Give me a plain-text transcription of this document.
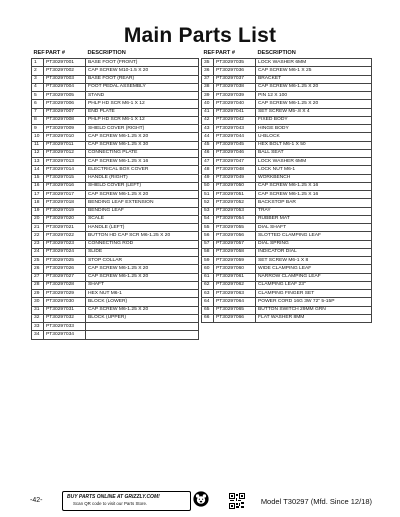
Main Parts List
REF	PART #	DESCRIPTION
1	PT30297001	BASE FOOT (FRONT)
2	PT30297002	CAP SCREW M10-1.5 X 20
3	PT30297003	BASE FOOT (REAR)
4	PT30297004	FOOT PEDAL ASSEMBLY
5	PT30297005	STAND
6	PT30297006	PHLP HD SCR M6-1 X 12
7	PT30297007	END PLATE
8	PT30297008	PHLP HD SCR M6-1 X 12
9	PT30297009	SHIELD COVER (RIGHT)
10	PT30297010	CAP SCREW M6-1.25 X 20
11	PT30297011	CAP SCREW M6-1.25 X 30
12	PT30297012	CONNECTING PLATE
13	PT30297013	CAP SCREW M6-1.25 X 16
14	PT30297014	ELECTRICAL BOX COVER
15	PT30297015	HANDLE (RIGHT)
16	PT30297016	SHIELD COVER (LEFT)
17	PT30297017	CAP SCREW M6-1.25 X 20
18	PT30297018	BENDING LEAF EXTENSION
19	PT30297019	BENDING LEAF
20	PT30297020	SCALE
21	PT30297021	HANDLE (LEFT)
22	PT30297022	BUTTON HD CAP SCR M6-1.25 X 20
23	PT30297023	CONNECTING ROD
24	PT30297024	SLIDE
25	PT30297025	STOP COLLAR
26	PT30297026	CAP SCREW M6-1.25 X 20
27	PT30297027	CAP SCREW M6-1.25 X 20
28	PT30297028	SHAFT
29	PT30297029	HEX NUT M6-1
30	PT30297030	BLOCK (LOWER)
31	PT30297031	CAP SCREW M6-1.25 X 20
32	PT30297032	BLOCK (UPPER)
33	PT30297033	
34	PT30297034	
REF	PART #	DESCRIPTION
35	PT30297035	LOCK WASHER 6MM
36	PT30297036	CAP SCREW M6-1 X 25
37	PT30297037	BRACKET
38	PT30297038	CAP SCREW M6-1.25 X 20
39	PT30297039	PIN 12 X 100
40	PT30297040	CAP SCREW M6-1.25 X 20
41	PT30297041	SET SCREW M5-.8 X 4
42	PT30297042	FIXED BODY
43	PT30297043	HINGE BODY
44	PT30297044	U-BLOCK
45	PT30297045	HEX BOLT M6-1 X 50
46	PT30297046	BALL SEAT
47	PT30297047	LOCK WASHER 6MM
48	PT30297048	LOCK NUT M6-1
49	PT30297049	WORKBENCH
50	PT30297050	CAP SCREW M6-1.25 X 16
51	PT30297051	CAP SCREW M6-1.25 X 16
52	PT30297052	BACKSTOP BAR
53	PT30297053	TRAY
54	PT30297054	RUBBER MAT
55	PT30297055	DIAL SHAFT
56	PT30297056	SLOTTED CLAMPING LEAF
57	PT30297057	DIAL SPRING
58	PT30297058	INDICATOR DIAL
59	PT30297059	SET SCREW M6-1 X 8
60	PT30297060	WIDE CLAMPING LEAF
61	PT30297061	NARROW CLAMPING LEAF
62	PT30297062	CLAMPING LEAF 23"
63	PT30297063	CLAMPING FINGER SET
64	PT30297064	POWER CORD 16G 3W 72" 5-15P
65	PT30297065	BUTTON SWITCH 29MM GRN
66	PT30297066	FLAT WASHER 8MM
-42-	BUY PARTS ONLINE AT GRIZZLY.COM!
Scan QR code to visit our Parts Store.	Model T30297 (Mfd. Since 12/18)
